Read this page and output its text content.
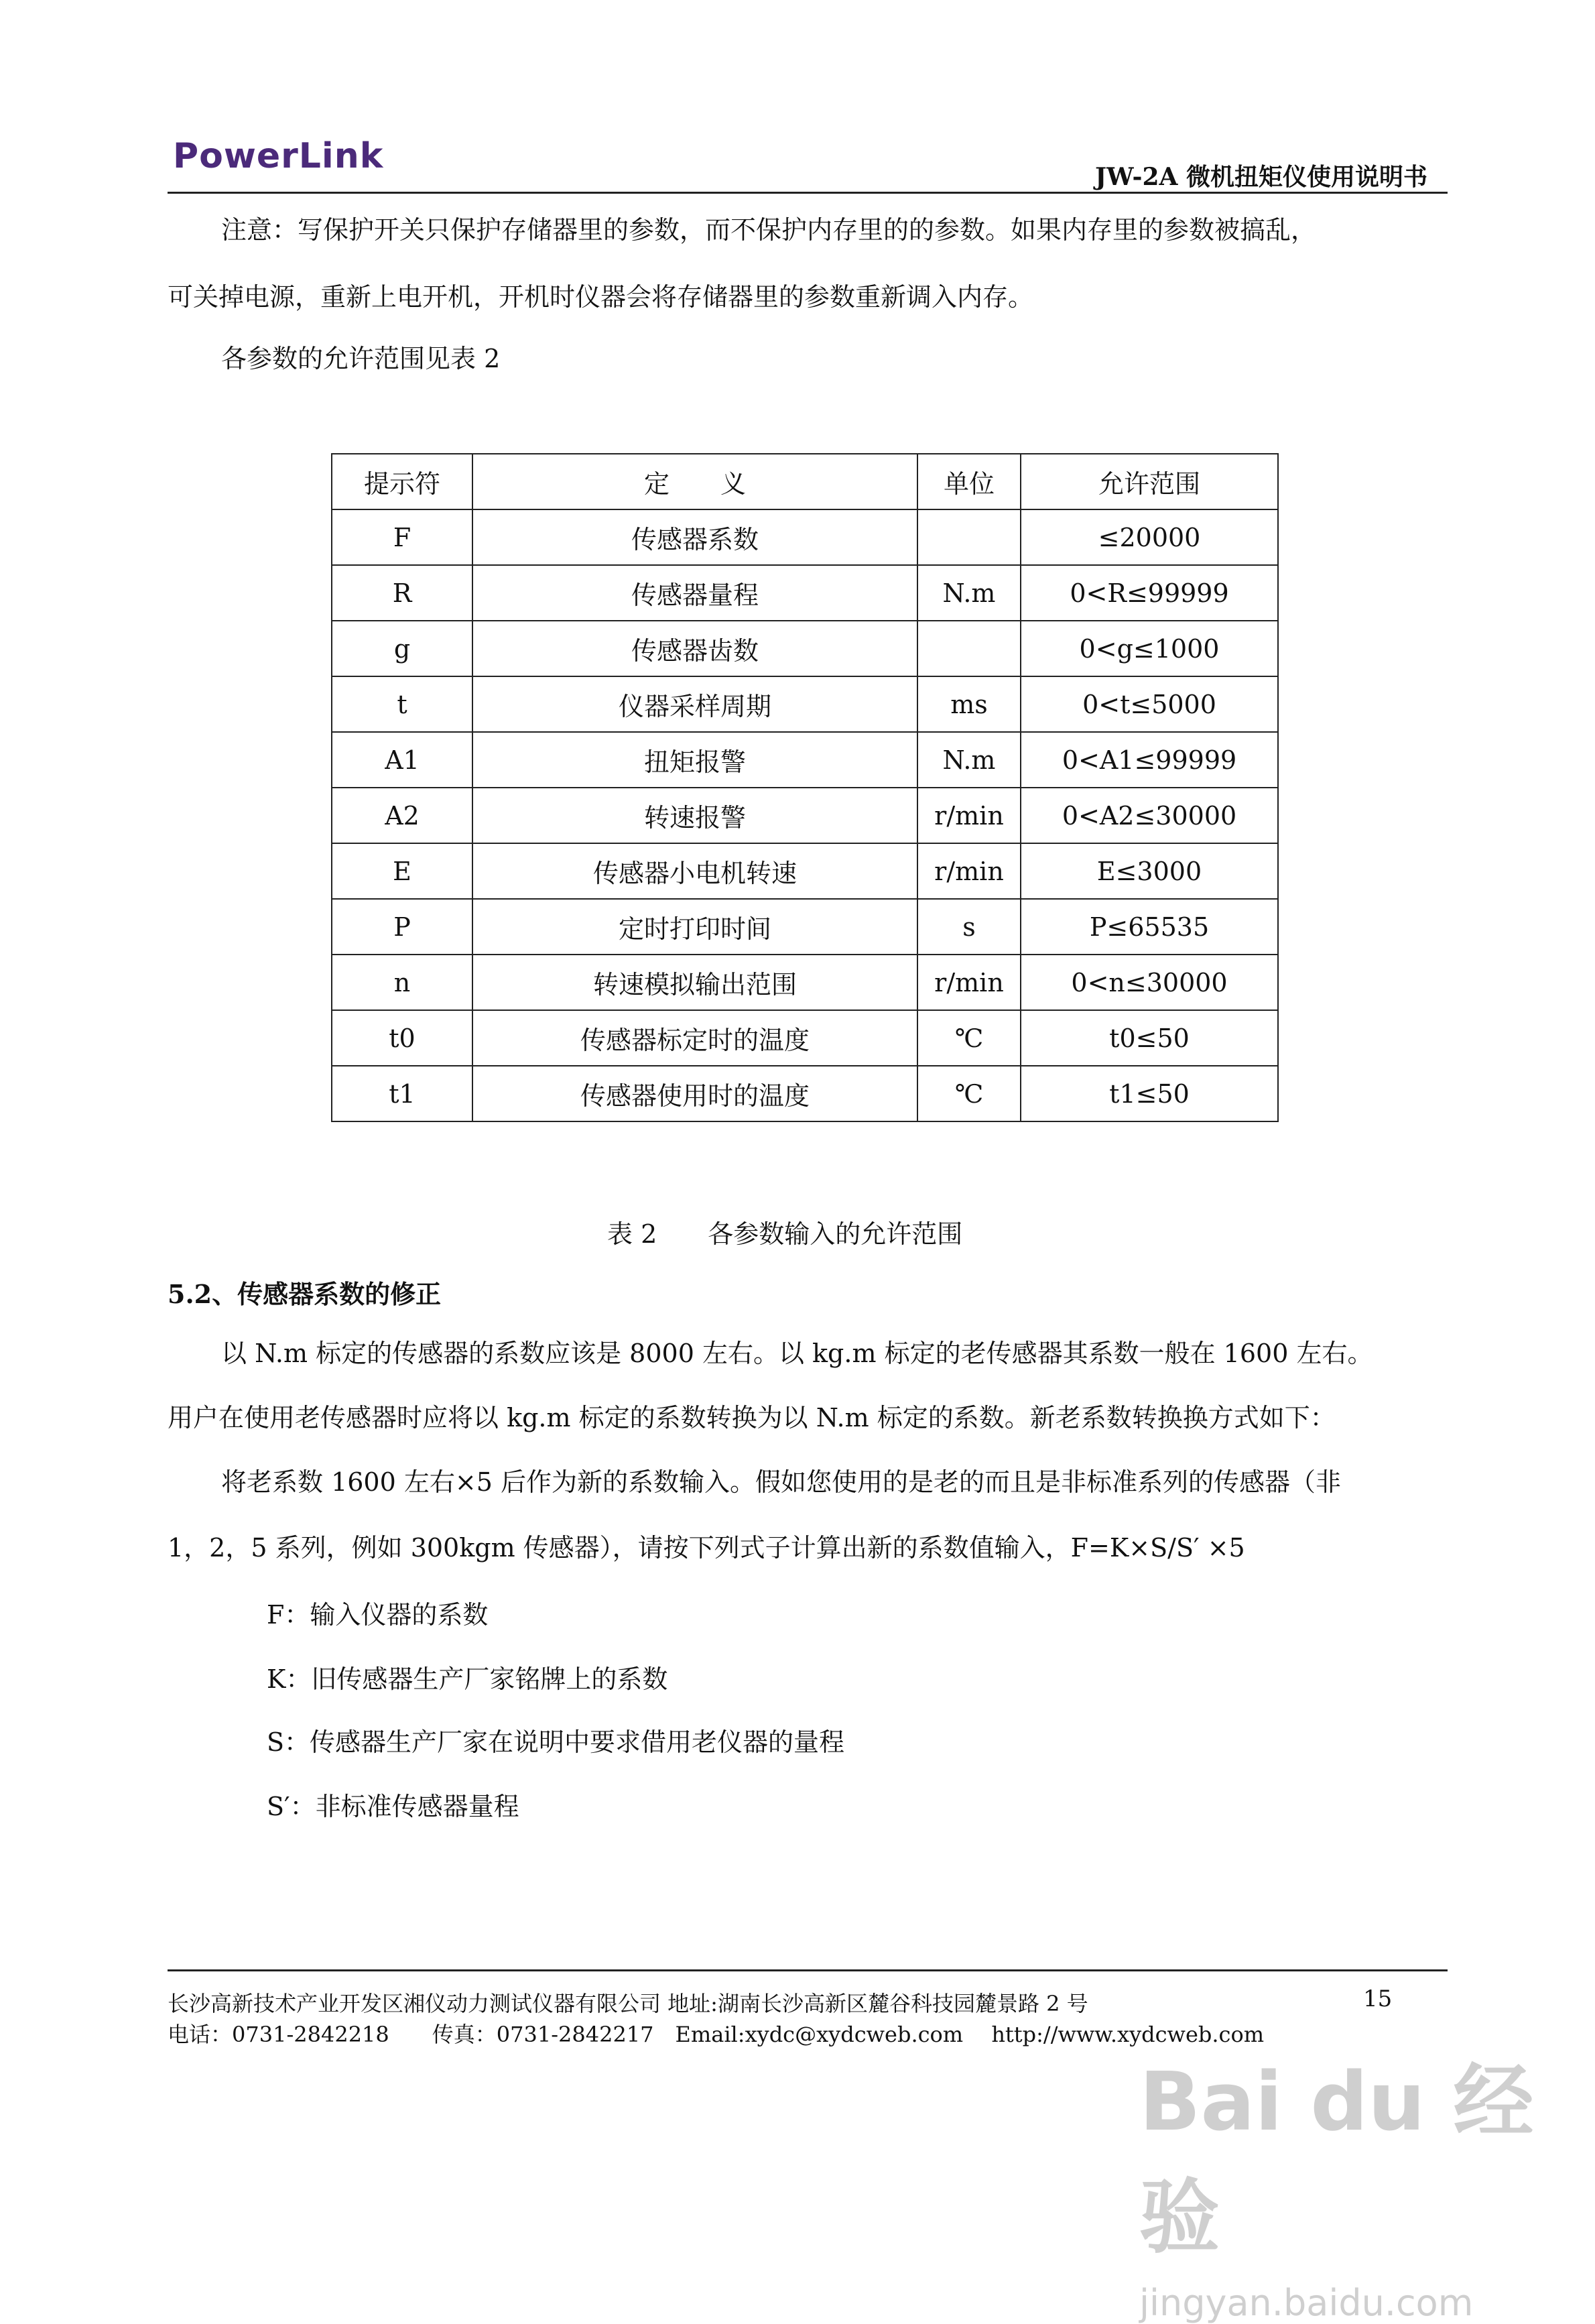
PowerLink
JW-2A 微机扭矩仪使用说明书
注意：写保护开关只保护存储器里的参数，而不保护内存里的的参数。如果内存里的参数被搞乱，
可关掉电源，重新上电开机，开机时仪器会将存储器里的参数重新调入内存。
各参数的允许范围见表 2
提示符	定　　义	单位	允许范围
F	传感器系数		≤20000
R	传感器量程	N.m	0<R≤99999
g	传感器齿数		0<g≤1000
t	仪器采样周期	ms	0<t≤5000
A1	扭矩报警	N.m	0<A1≤99999
A2	转速报警	r/min	0<A2≤30000
E	传感器小电机转速	r/min	E≤3000
P	定时打印时间	s	P≤65535
n	转速模拟输出范围	r/min	0<n≤30000
t0	传感器标定时的温度	℃	t0≤50
t1	传感器使用时的温度	℃	t1≤50
表 2　　各参数输入的允许范围
5.2、传感器系数的修正
以 N.m 标定的传感器的系数应该是 8000 左右。以 kg.m 标定的老传感器其系数一般在 1600 左右。
用户在使用老传感器时应将以 kg.m 标定的系数转换为以 N.m 标定的系数。新老系数转换换方式如下：
将老系数 1600 左右×5 后作为新的系数输入。假如您使用的是老的而且是非标准系列的传感器（非
1，2，5 系列，例如 300kgm 传感器），请按下列式子计算出新的系数值输入，F=K×S/S′ ×5
F：输入仪器的系数
K：旧传感器生产厂家铭牌上的系数
S：传感器生产厂家在说明中要求借用老仪器的量程
S′：非标准传感器量程
长沙高新技术产业开发区湘仪动力测试仪器有限公司 地址:湖南长沙高新区麓谷科技园麓景路 2 号
电话：0731-2842218　　传真：0731-2842217　Email:xydc@xydcweb.com　 http://www.xydcweb.com
15
Bai du 经验
jingyan.baidu.com
